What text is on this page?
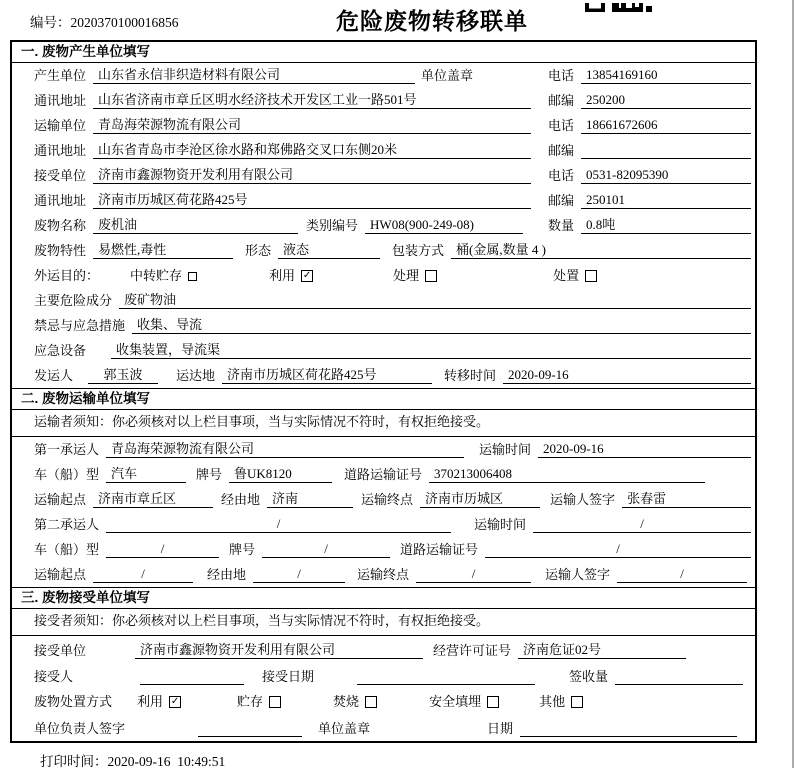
编号：2020370100016856	危险废物转移联单
一. 废物产生单位填写
产生单位 山东省永信非织造材料有限公司	单位盖章	电话 13854169160
通讯地址 山东省济南市章丘区明水经济技术开发区工业一路501号	邮编 250200
运输单位 青岛海荣源物流有限公司	电话 18661672606
通讯地址 山东省青岛市李沧区徐水路和郑佛路交叉口东侧20米	邮编
接受单位 济南市鑫源物资开发利用有限公司	电话 0531-82095390
通讯地址 济南市历城区荷花路425号	邮编 250101
废物名称 废机油	类别编号 HW08(900-249-08)	数量 0.8吨
废物特性 易燃性,毒性	形态 液态	包装方式 桶(金属,数量 4 )
外运目的： 中转贮存	利用 ✓	处理	处置
主要危险成分 废矿物油
禁忌与应急措施 收集、导流
应急设备	收集装置，导流渠
发运人	郭玉波	运达地 济南市历城区荷花路425号	转移时间 2020-09-16
二. 废物运输单位填写
运输者须知：你必须核对以上栏目事项，当与实际情况不符时，有权拒绝接受。
第一承运人 青岛海荣源物流有限公司	运输时间 2020-09-16
车（船）型 汽车	牌号 鲁UK8120	道路运输证号 370213006408
运输起点 济南市章丘区	经由地 济南	运输终点 济南市历城区	运输人签字 张春雷
第二承运人	/	运输时间	/
车（船）型	/	牌号	/	道路运输证号	/
运输起点	/	经由地	/	运输终点	/	运输人签字	/
三. 废物接受单位填写
接受者须知：你必须核对以上栏目事项，当与实际情况不符时，有权拒绝接受。
接受单位	济南市鑫源物资开发利用有限公司	经营许可证号 济南危证02号
接受人	接受日期	签收量
废物处置方式 利用 ✓	贮存	焚烧	安全填埋	其他
单位负责人签字	单位盖章	日期
打印时间：2020-09-16  10:49:51
